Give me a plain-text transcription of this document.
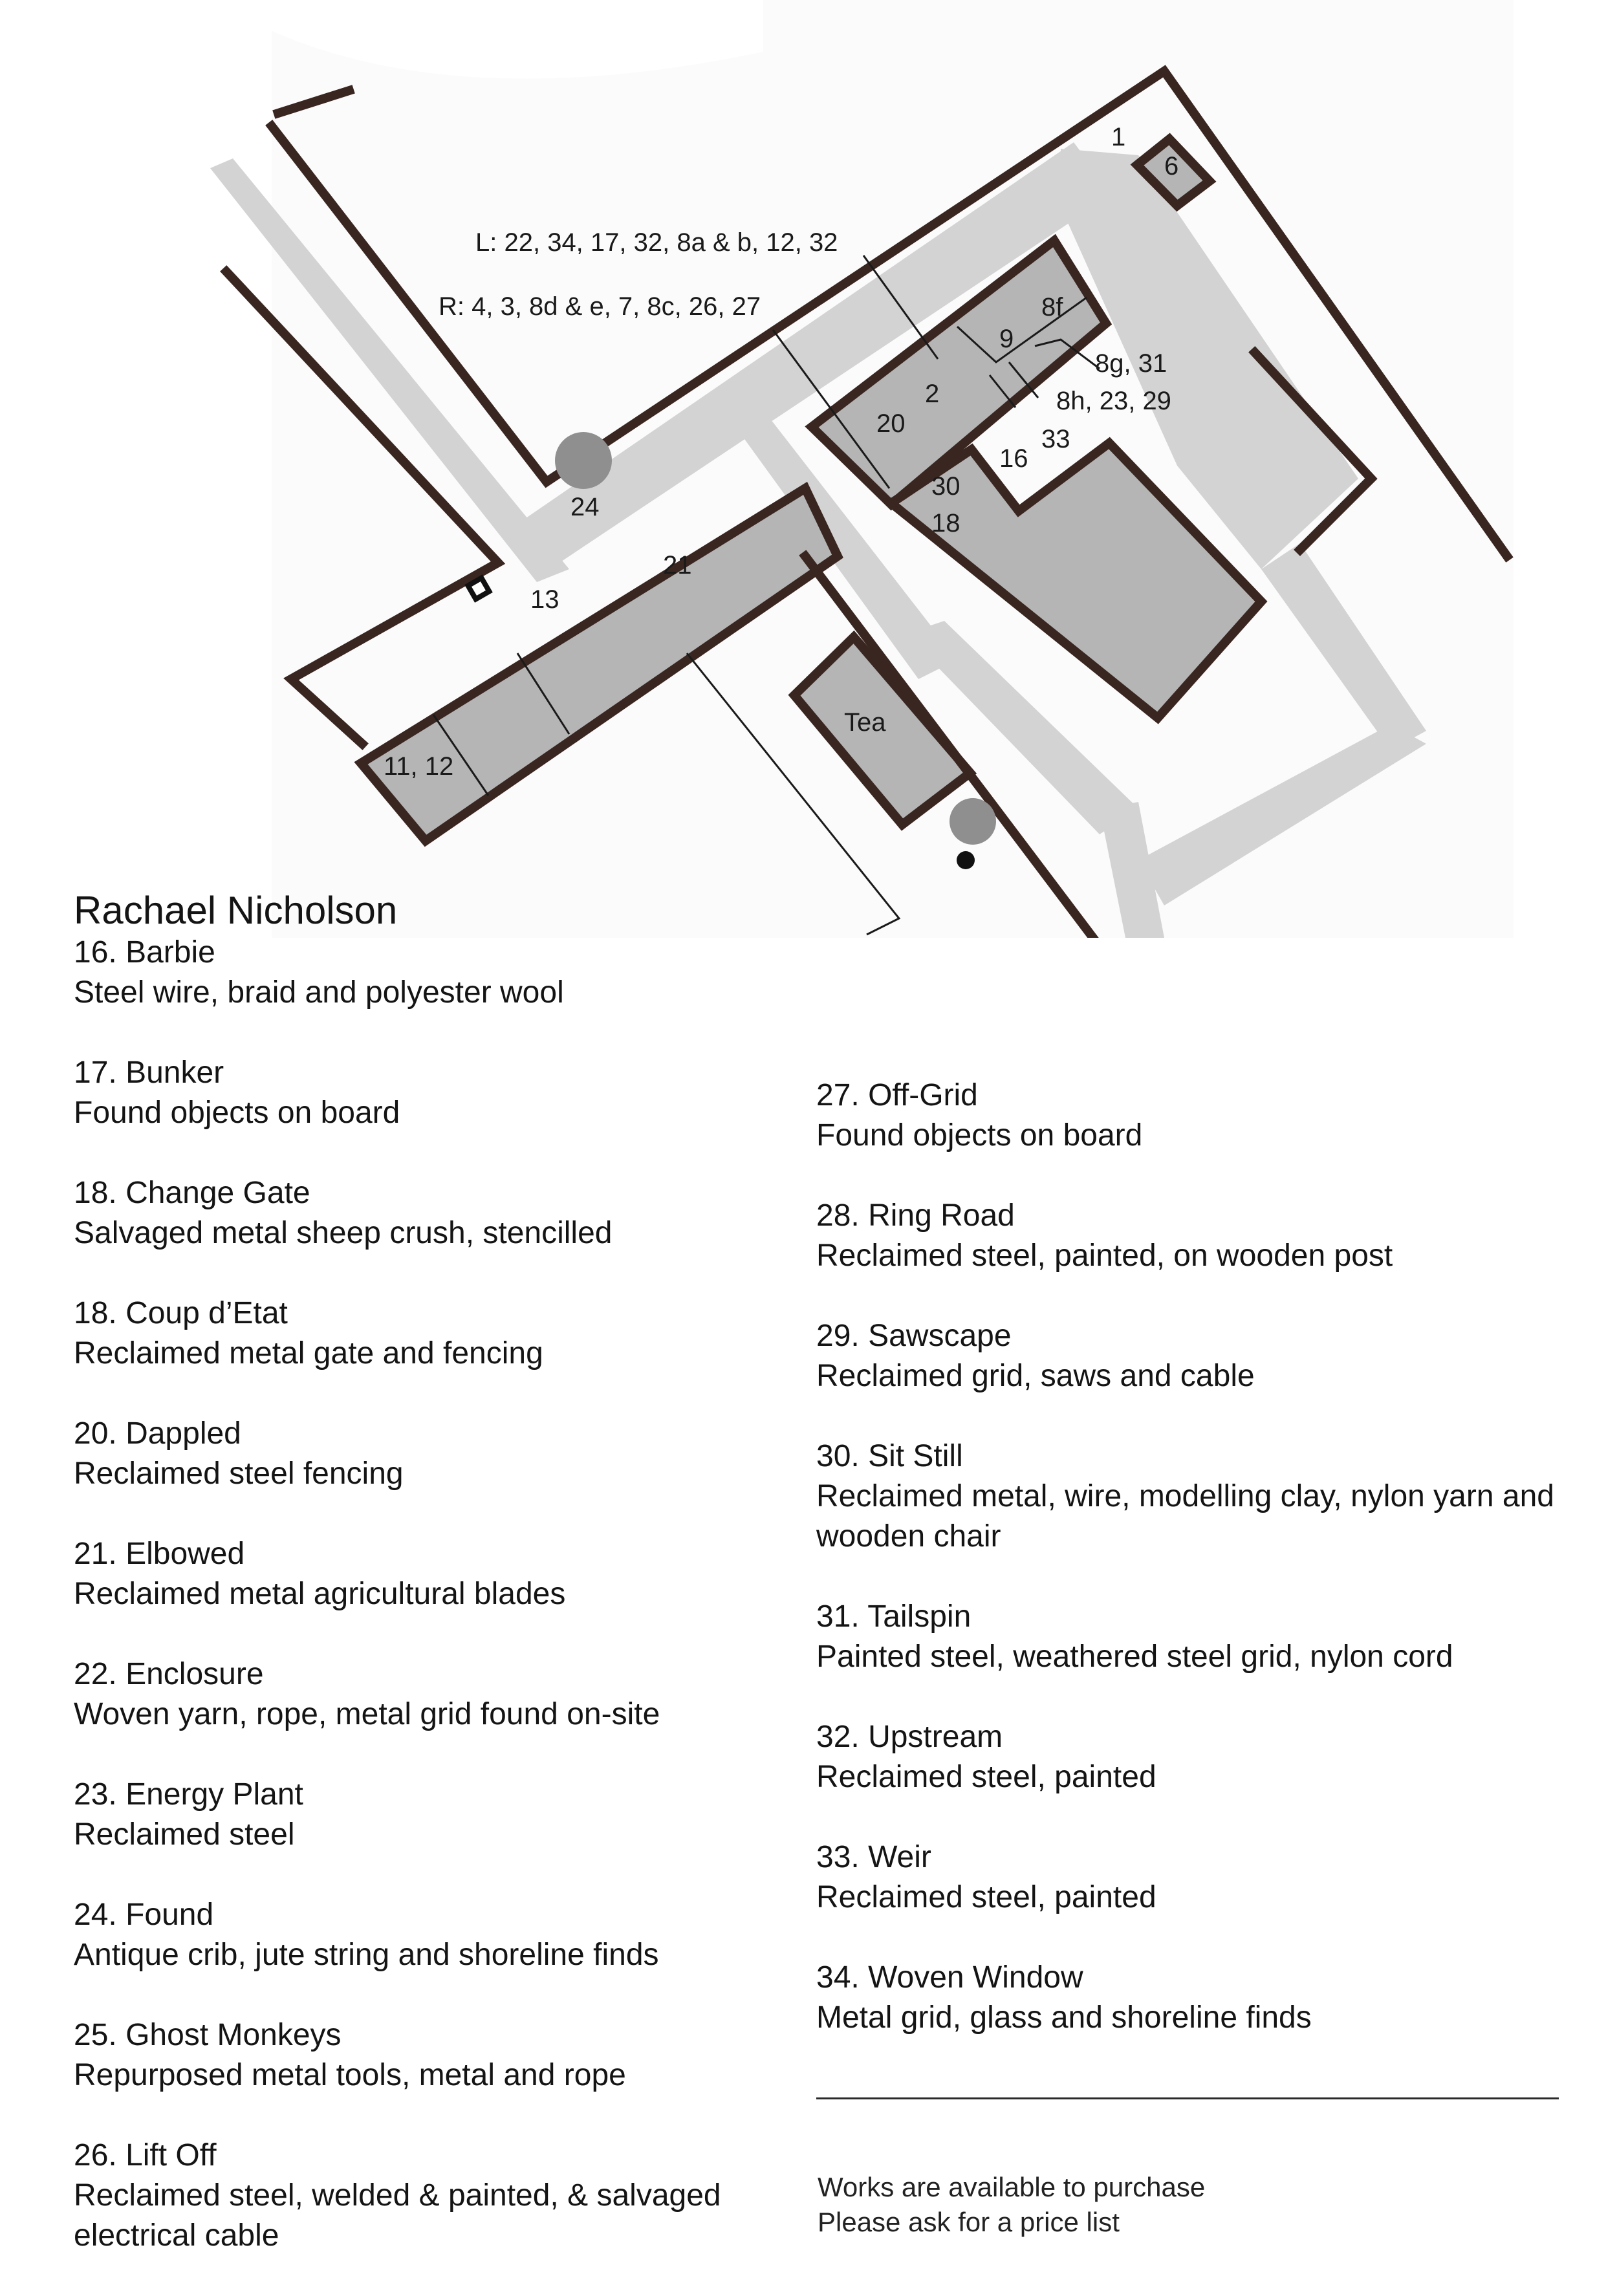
L: 22, 34, 17, 32, 8a & b, 12, 32
R: 4, 3, 8d & e, 7, 8c, 26, 27
1
6
8f
9
8g, 31
8h, 23, 29
2
20
33
16
30
18
24
21
13
11, 12
Tea
Rachael Nicholson
16. Barbie
Steel wire, braid and polyester wool
17. Bunker
Found objects on board
18. Change Gate
Salvaged metal sheep crush, stencilled
18. Coup d’Etat
Reclaimed metal gate and fencing
20. Dappled
Reclaimed steel fencing
21. Elbowed
Reclaimed metal agricultural blades
22. Enclosure
Woven yarn, rope, metal grid found on-site
23. Energy Plant
Reclaimed steel
24. Found
Antique crib, jute string and shoreline finds
25. Ghost Monkeys
Repurposed metal tools, metal and rope
26. Lift Off
Reclaimed steel, welded & painted, & salvaged electrical cable
27. Off-Grid
Found objects on board
28. Ring Road
Reclaimed steel, painted, on wooden post
29. Sawscape
Reclaimed grid, saws and cable
30. Sit Still
Reclaimed metal, wire, modelling clay, nylon yarn and wooden chair
31. Tailspin
Painted steel, weathered steel grid, nylon cord
32. Upstream
Reclaimed steel, painted
33. Weir
Reclaimed steel, painted
34. Woven Window
Metal grid, glass and shoreline finds
Works are available to purchase
Please ask for a price list
